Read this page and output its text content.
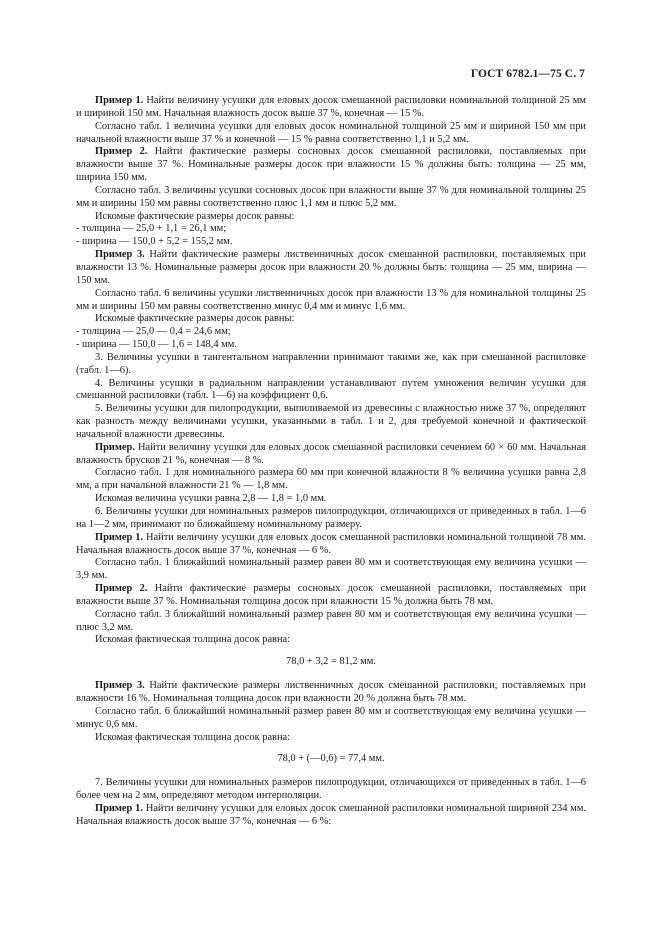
ГОСТ 6782.1—75 С. 7

Пример 1. Найти величину усушки для еловых досок смешанной распиловки номинальной толщиной 25 мм и шириной 150 мм. Начальная влажность досок выше 37 %, конечная — 15 %.

Согласно табл. 1 величина усушки для еловых досок номинальной толщиной 25 мм и шириной 150 мм при начальной влажности выше 37 % и конечной — 15 % равна соответственно 1,1 и 5,2 мм.

Пример 2. Найти фактические размеры сосновых досок смешанной распиловки, поставляемых при влажности выше 37 %. Номинальные размеры досок при влажности 15 % должны быть: толщина — 25 мм, ширина 150 мм.

Согласно табл. 3 величины усушки сосновых досок при влажности выше 37 % для номинальной толщины 25 мм и ширины 150 мм равны соответственно плюс 1,1 мм и плюс 5,2 мм.

Искомые фактические размеры досок равны:

- толщина — 25,0 + 1,1 = 26,1 мм;

- ширина — 150,0 + 5,2 = 155,2 мм.

Пример 3. Найти фактические размеры лиственничных досок смешанной распиловки, поставляемых при влажности 13 %. Номинальные размеры досок при влажности 20 % должны быть: толщина — 25 мм, ширина — 150 мм.

Согласно табл. 6 величины усушки лиственничных досок при влажности 13 % для номинальной толщины 25 мм и ширины 150 мм равны соответственно минус 0,4 мм и минус 1,6 мм.

Искомые фактические размеры досок равны:

- толщина — 25,0 — 0,4 = 24,6 мм;

- ширина — 150,0 — 1,6 = 148,4 мм.

3. Величины усушки в тангентальном направлении принимают такими же, как при смешанной распиловке (табл. 1—6).

4. Величины усушки в радиальном направлении устанавливают путем умножения величин усушки для смешанной распиловки (табл. 1—6) на коэффициент 0,6.

5. Величины усушки для пилопродукции, выпиливаемой из древесины с влажностью ниже 37 %, определяют как разность между величинами усушки, указанными в табл. 1 и 2, для требуемой конечной и фактической начальной влажности древесины.

Пример. Найти величину усушки для еловых досок смешанной распиловки сечением 60 × 60 мм. Начальная влажность брусков 21 %, конечная — 8 %.

Согласно табл. 1 для номинального размера 60 мм при конечной влажности 8 % величина усушки равна 2,8 мм, а при начальной влажности 21 % — 1,8 мм.

Искомая величина усушки равна 2,8 — 1,8 = 1,0 мм.

6. Величины усушки для номинальных размеров пилопродукции, отличающихся от приведенных в табл. 1—6 на 1—2 мм, принимают по ближайшему номинальному размеру.

Пример 1. Найти величину усушки для еловых досок смешанной распиловки номинальной толщиной 78 мм. Начальная влажность досок выше 37 %, конечная — 6 %.

Согласно табл. 1 ближайший номинальный размер равен 80 мм и соответствующая ему величина усушки — 3,9 мм.

Пример 2. Найти фактические размеры сосновых досок смешанной распиловки, поставляемых при влажности выше 37 %. Номинальная толщина досок при влажности 15 % должна быть 78 мм.

Согласно табл. 3 ближайший номинальный размер равен 80 мм и соответствующая ему величина усушки — плюс 3,2 мм.

Искомая фактическая толщина досок равна:

78,0 + 3,2 = 81,2 мм.

Пример 3. Найти фактические размеры лиственничных досок смешанной распиловки, поставляемых при влажности 16 %. Номинальная толщина досок при влажности 20 % должна быть 78 мм.

Согласно табл. 6 ближайший номинальный размер равен 80 мм и соответствующая ему величина усушки — минус 0,6 мм.

Искомая фактическая толщина досок равна:

78,0 + (—0,6) = 77,4 мм.

7. Величины усушки для номинальных размеров пилопродукции, отличающихся от приведенных в табл. 1—6 более чем на 2 мм, определяют методом интерполяции.

Пример 1. Найти величину усушки для еловых досок смешанной распиловки номинальной шириной 234 мм. Начальная влажность досок выше 37 %, конечная — 6 %:
